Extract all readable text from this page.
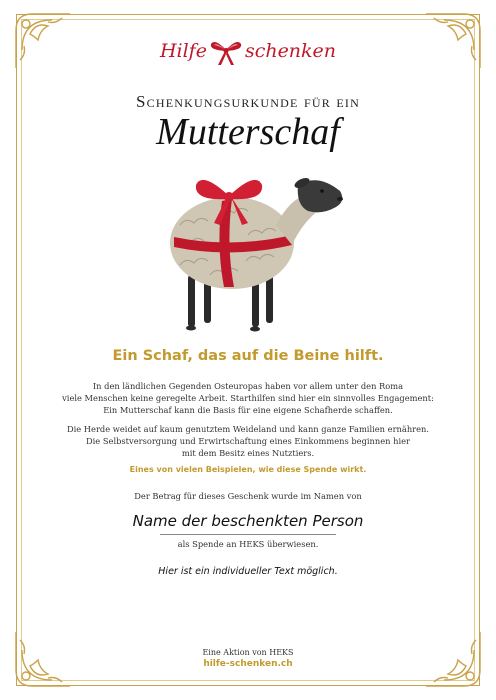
Hilfe schenken
Schenkungsurkunde für ein
Mutterschaf
Ein Schaf, das auf die Beine hilft.
In den ländlichen Gegenden Osteuropas haben vor allem unter den Roma
viele Menschen keine geregelte Arbeit. Starthilfen sind hier ein sinnvolles Engagement:
Ein Mutterschaf kann die Basis für eine eigene Schafherde schaffen.
Die Herde weidet auf kaum genutztem Weideland und kann ganze Familien ernähren.
Die Selbstversorgung und Erwirtschaftung eines Einkommens beginnen hier
mit dem Besitz eines Nutztiers.
Eines von vielen Beispielen, wie diese Spende wirkt.
Der Betrag für dieses Geschenk wurde im Namen von
Name der beschenkten Person
als Spende an HEKS überwiesen.
Hier ist ein individueller Text möglich.
Eine Aktion von HEKS
hilfe-schenken.ch
